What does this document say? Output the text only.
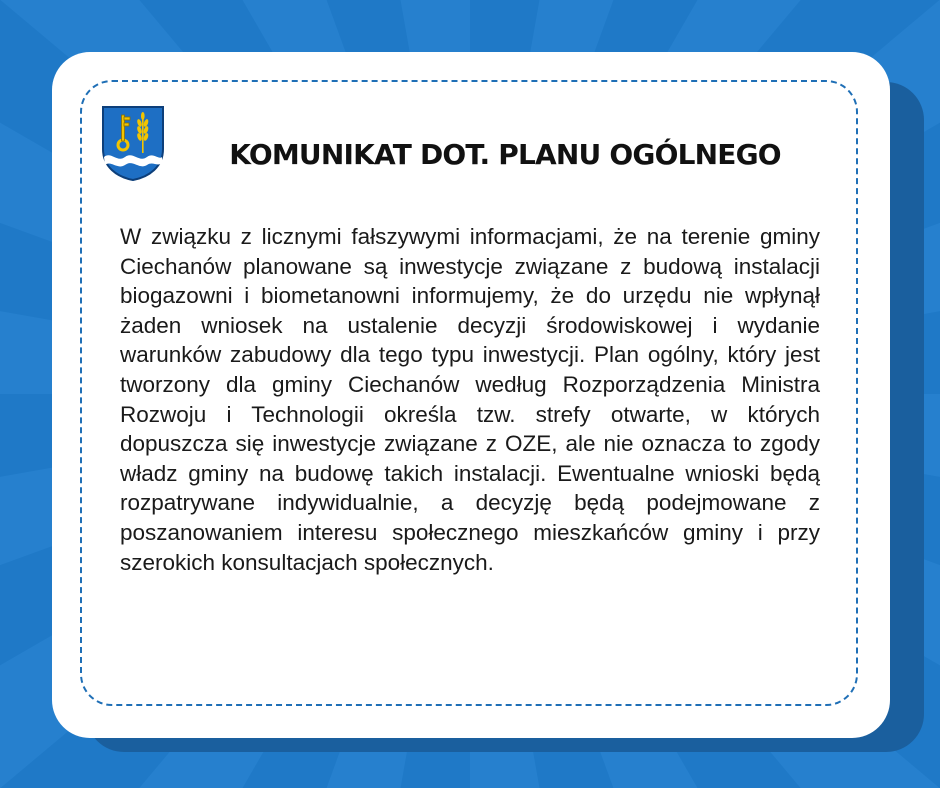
KOMUNIKAT DOT. PLANU OGÓLNEGO

W związku z licznymi fałszywymi informacjami, że na terenie gminy Ciechanów planowane są inwestycje związane z budową instalacji biogazowni i biometanowni informujemy, że do urzędu nie wpłynął żaden wniosek na ustalenie decyzji środowiskowej i wydanie warunków zabudowy dla tego typu inwestycji. Plan ogólny, który jest tworzony dla gminy Ciechanów według Rozporządzenia Ministra Rozwoju i Technologii określa tzw. strefy otwarte, w których dopuszcza się inwestycje związane z OZE, ale nie oznacza to zgody władz gminy na budowę takich instalacji. Ewentualne wnioski będą rozpatrywane indywidualnie, a decyzję będą podejmowane z poszanowaniem interesu społecznego mieszkańców gminy i przy szerokich konsultacjach społecznych.
